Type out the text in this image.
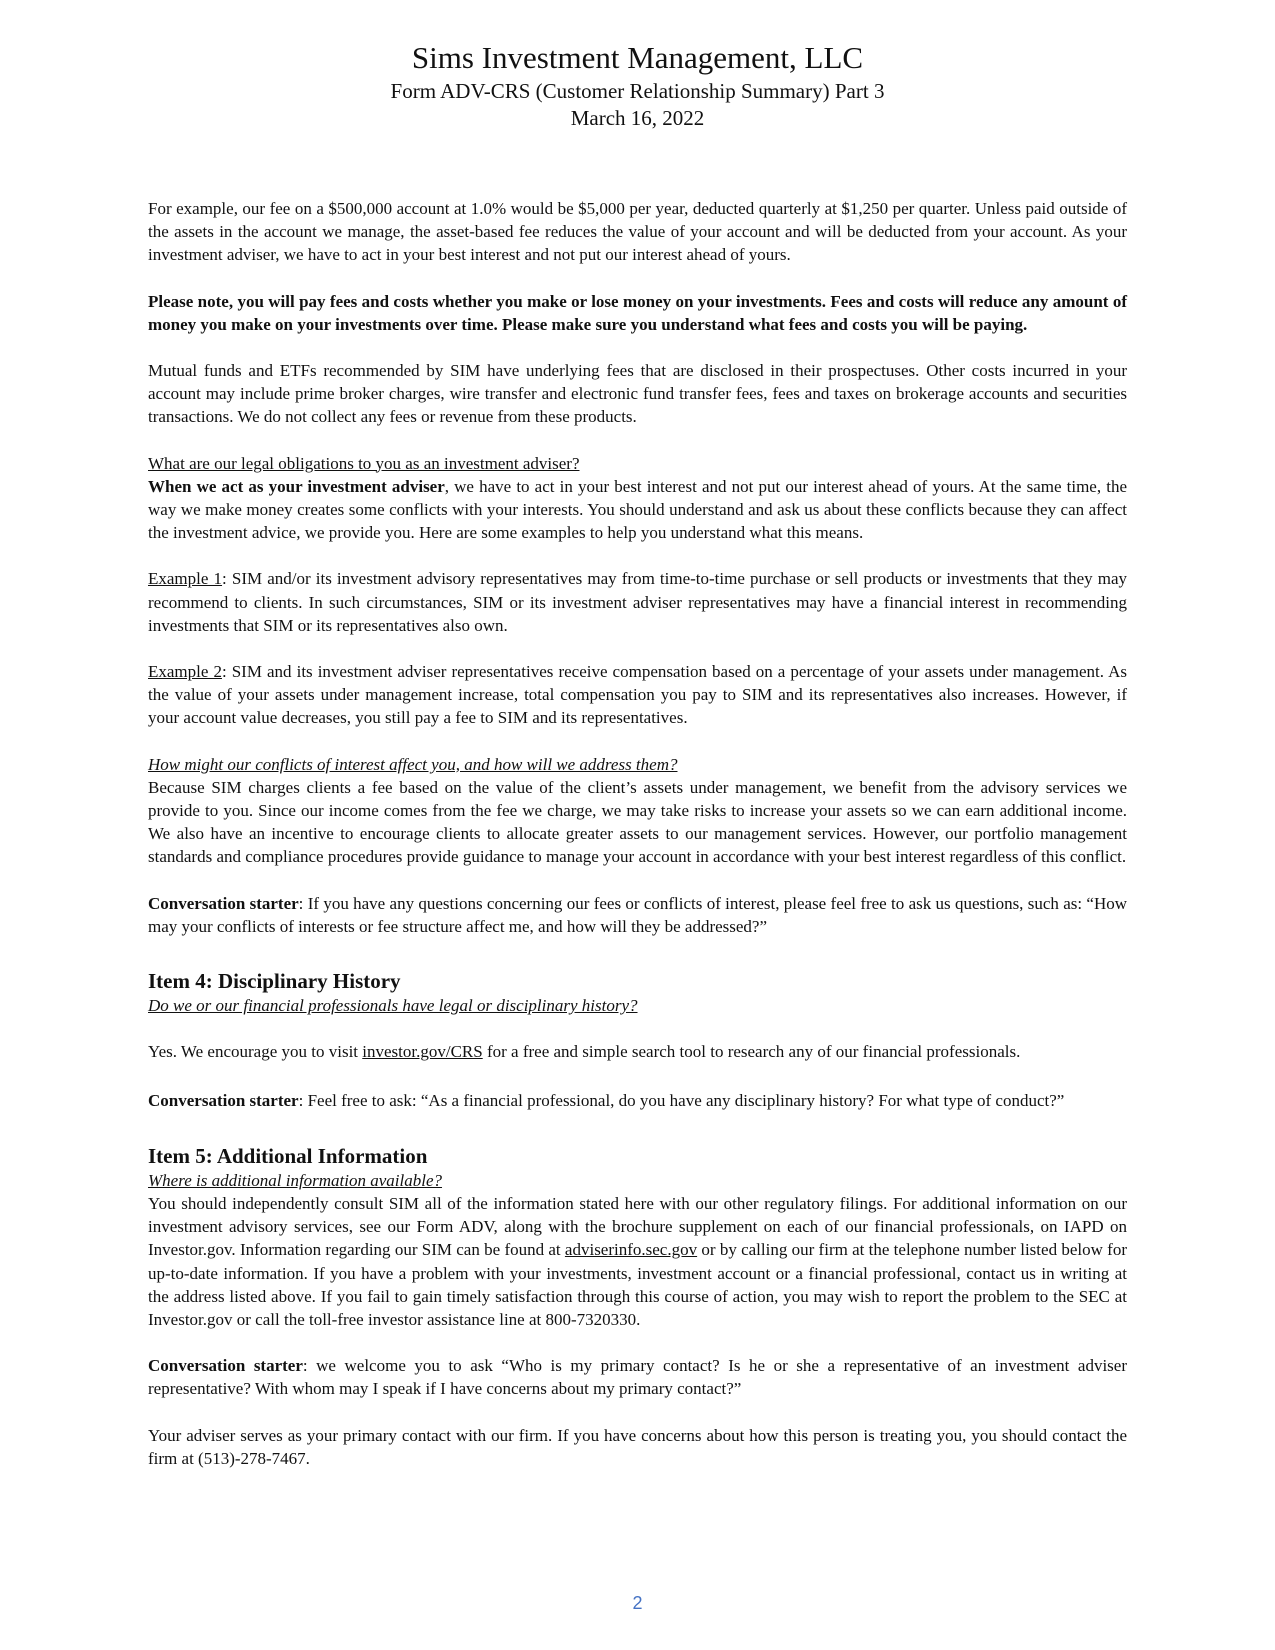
Sims Investment Management, LLC
Form ADV-CRS (Customer Relationship Summary) Part 3
March 16, 2022

For example, our fee on a $500,000 account at 1.0% would be $5,000 per year, deducted quarterly at $1,250 per quarter. Unless paid outside of the assets in the account we manage, the asset-based fee reduces the value of your account and will be deducted from your account. As your investment adviser, we have to act in your best interest and not put our interest ahead of yours.

Please note, you will pay fees and costs whether you make or lose money on your investments. Fees and costs will reduce any amount of money you make on your investments over time. Please make sure you understand what fees and costs you will be paying.

Mutual funds and ETFs recommended by SIM have underlying fees that are disclosed in their prospectuses. Other costs incurred in your account may include prime broker charges, wire transfer and electronic fund transfer fees, fees and taxes on brokerage accounts and securities transactions. We do not collect any fees or revenue from these products.

What are our legal obligations to you as an investment adviser?
When we act as your investment adviser, we have to act in your best interest and not put our interest ahead of yours. At the same time, the way we make money creates some conflicts with your interests. You should understand and ask us about these conflicts because they can affect the investment advice, we provide you. Here are some examples to help you understand what this means.

Example 1: SIM and/or its investment advisory representatives may from time-to-time purchase or sell products or investments that they may recommend to clients. In such circumstances, SIM or its investment adviser representatives may have a financial interest in recommending investments that SIM or its representatives also own.

Example 2: SIM and its investment adviser representatives receive compensation based on a percentage of your assets under management. As the value of your assets under management increase, total compensation you pay to SIM and its representatives also increases. However, if your account value decreases, you still pay a fee to SIM and its representatives.

How might our conflicts of interest affect you, and how will we address them?
Because SIM charges clients a fee based on the value of the client’s assets under management, we benefit from the advisory services we provide to you. Since our income comes from the fee we charge, we may take risks to increase your assets so we can earn additional income. We also have an incentive to encourage clients to allocate greater assets to our management services. However, our portfolio management standards and compliance procedures provide guidance to manage your account in accordance with your best interest regardless of this conflict.

Conversation starter: If you have any questions concerning our fees or conflicts of interest, please feel free to ask us questions, such as: “How may your conflicts of interests or fee structure affect me, and how will they be addressed?”

Item 4: Disciplinary History

Do we or our financial professionals have legal or disciplinary history?

Yes. We encourage you to visit investor.gov/CRS for a free and simple search tool to research any of our financial professionals.

Conversation starter: Feel free to ask: “As a financial professional, do you have any disciplinary history? For what type of conduct?”

Item 5: Additional Information

Where is additional information available?
You should independently consult SIM all of the information stated here with our other regulatory filings. For additional information on our investment advisory services, see our Form ADV, along with the brochure supplement on each of our financial professionals, on IAPD on Investor.gov. Information regarding our SIM can be found at adviserinfo.sec.gov or by calling our firm at the telephone number listed below for up-to-date information. If you have a problem with your investments, investment account or a financial professional, contact us in writing at the address listed above. If you fail to gain timely satisfaction through this course of action, you may wish to report the problem to the SEC at Investor.gov or call the toll-free investor assistance line at 800-7320330.

Conversation starter: we welcome you to ask “Who is my primary contact? Is he or she a representative of an investment adviser representative? With whom may I speak if I have concerns about my primary contact?”

Your adviser serves as your primary contact with our firm. If you have concerns about how this person is treating you, you should contact the firm at (513)-278-7467.

2
